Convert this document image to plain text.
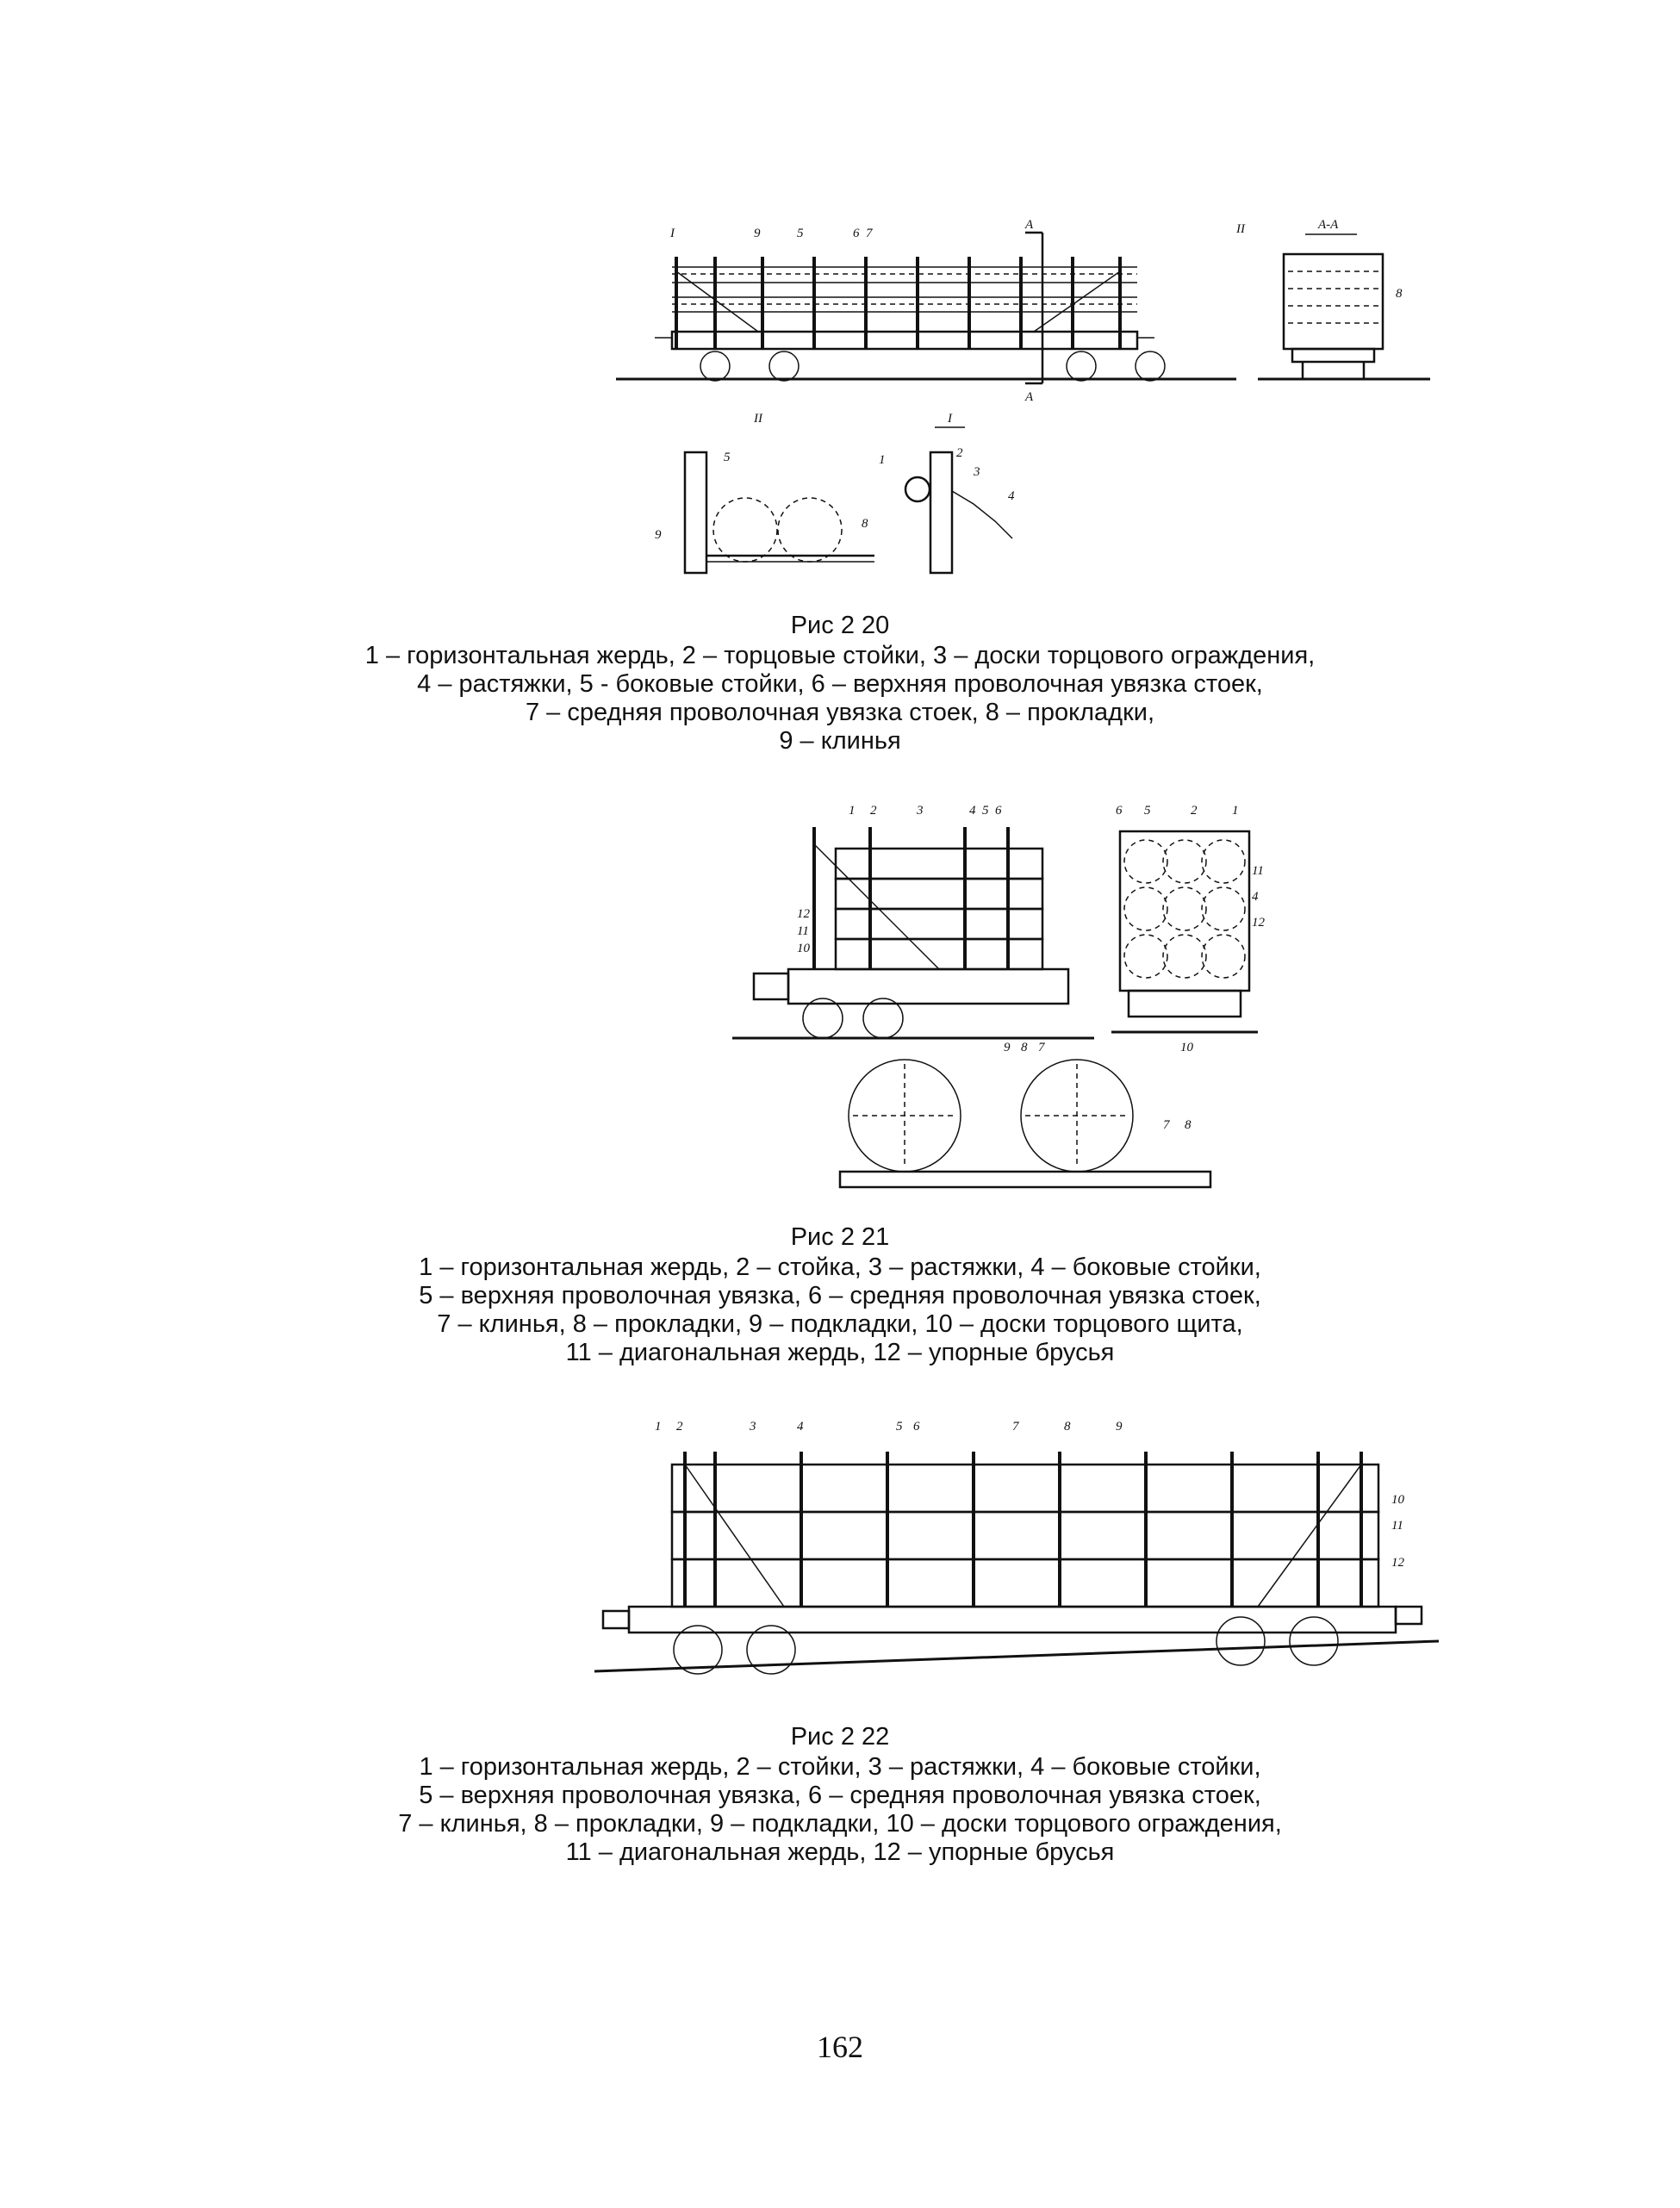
А
А
I	9	5	6 7
А-А
II
8
II
5
9
8
I
1	2
3
4
Рис 2 20
1 – горизонтальная жердь, 2 – торцовые стойки, 3 – доски торцового ограждения,
4 – растяжки, 5 - боковые стойки, 6 – верхняя проволочная увязка стоек,
7 – средняя проволочная увязка стоек, 8 – прокладки,
9 – клинья
1 2	3	4 5 6
12
11
10
9 8 7
6 5	2	1
11
4
12
10
7 8
Рис 2 21
1 – горизонтальная жердь, 2 – стойка, 3 – растяжки, 4 – боковые стойки,
5 – верхняя проволочная увязка, 6 – средняя проволочная увязка стоек,
7 – клинья, 8 – прокладки, 9 – подкладки, 10 – доски торцового щита,
11 – диагональная жердь, 12 – упорные брусья
1 2	3	4	5 6	7	8	9
10
11
12
Рис 2 22
1 – горизонтальная жердь, 2 – стойки, 3 – растяжки, 4 – боковые стойки,
5 – верхняя проволочная увязка, 6 – средняя проволочная увязка стоек,
7 – клинья, 8 – прокладки, 9 – подкладки, 10 – доски торцового ограждения,
11 – диагональная жердь, 12 – упорные брусья
162
